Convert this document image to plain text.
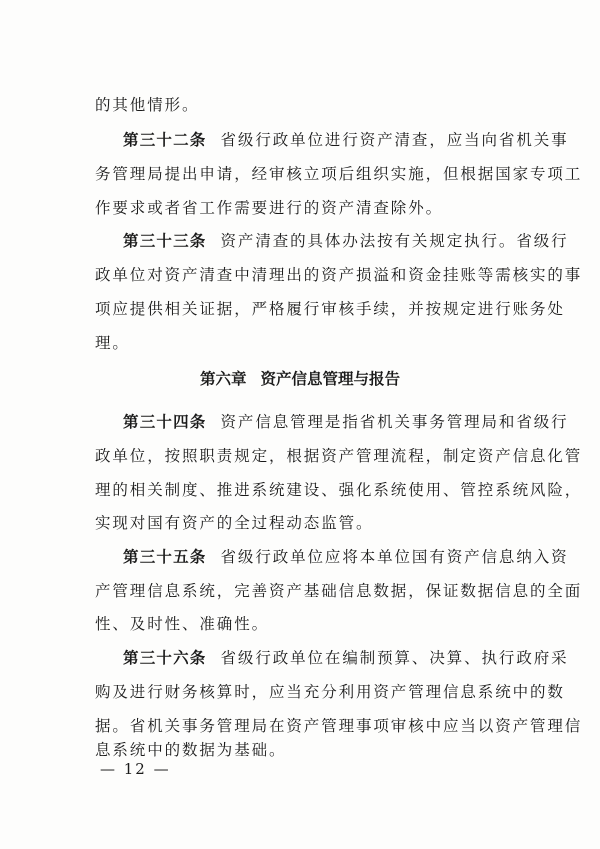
的其他情形。
第三十二条 省级行政单位进行资产清查，应当向省机关事
务管理局提出申请，经审核立项后组织实施，但根据国家专项工
作要求或者省工作需要进行的资产清查除外。
第三十三条 资产清查的具体办法按有关规定执行。省级行
政单位对资产清查中清理出的资产损溢和资金挂账等需核实的事
项应提供相关证据，严格履行审核手续，并按规定进行账务处
理。
第六章 资产信息管理与报告
第三十四条 资产信息管理是指省机关事务管理局和省级行
政单位，按照职责规定，根据资产管理流程，制定资产信息化管
理的相关制度、推进系统建设、强化系统使用、管控系统风险，
实现对国有资产的全过程动态监管。
第三十五条 省级行政单位应将本单位国有资产信息纳入资
产管理信息系统，完善资产基础信息数据，保证数据信息的全面
性、及时性、准确性。
第三十六条 省级行政单位在编制预算、决算、执行政府采
购及进行财务核算时，应当充分利用资产管理信息系统中的数
据。省机关事务管理局在资产管理事项审核中应当以资产管理信
息系统中的数据为基础。
— 12 —
